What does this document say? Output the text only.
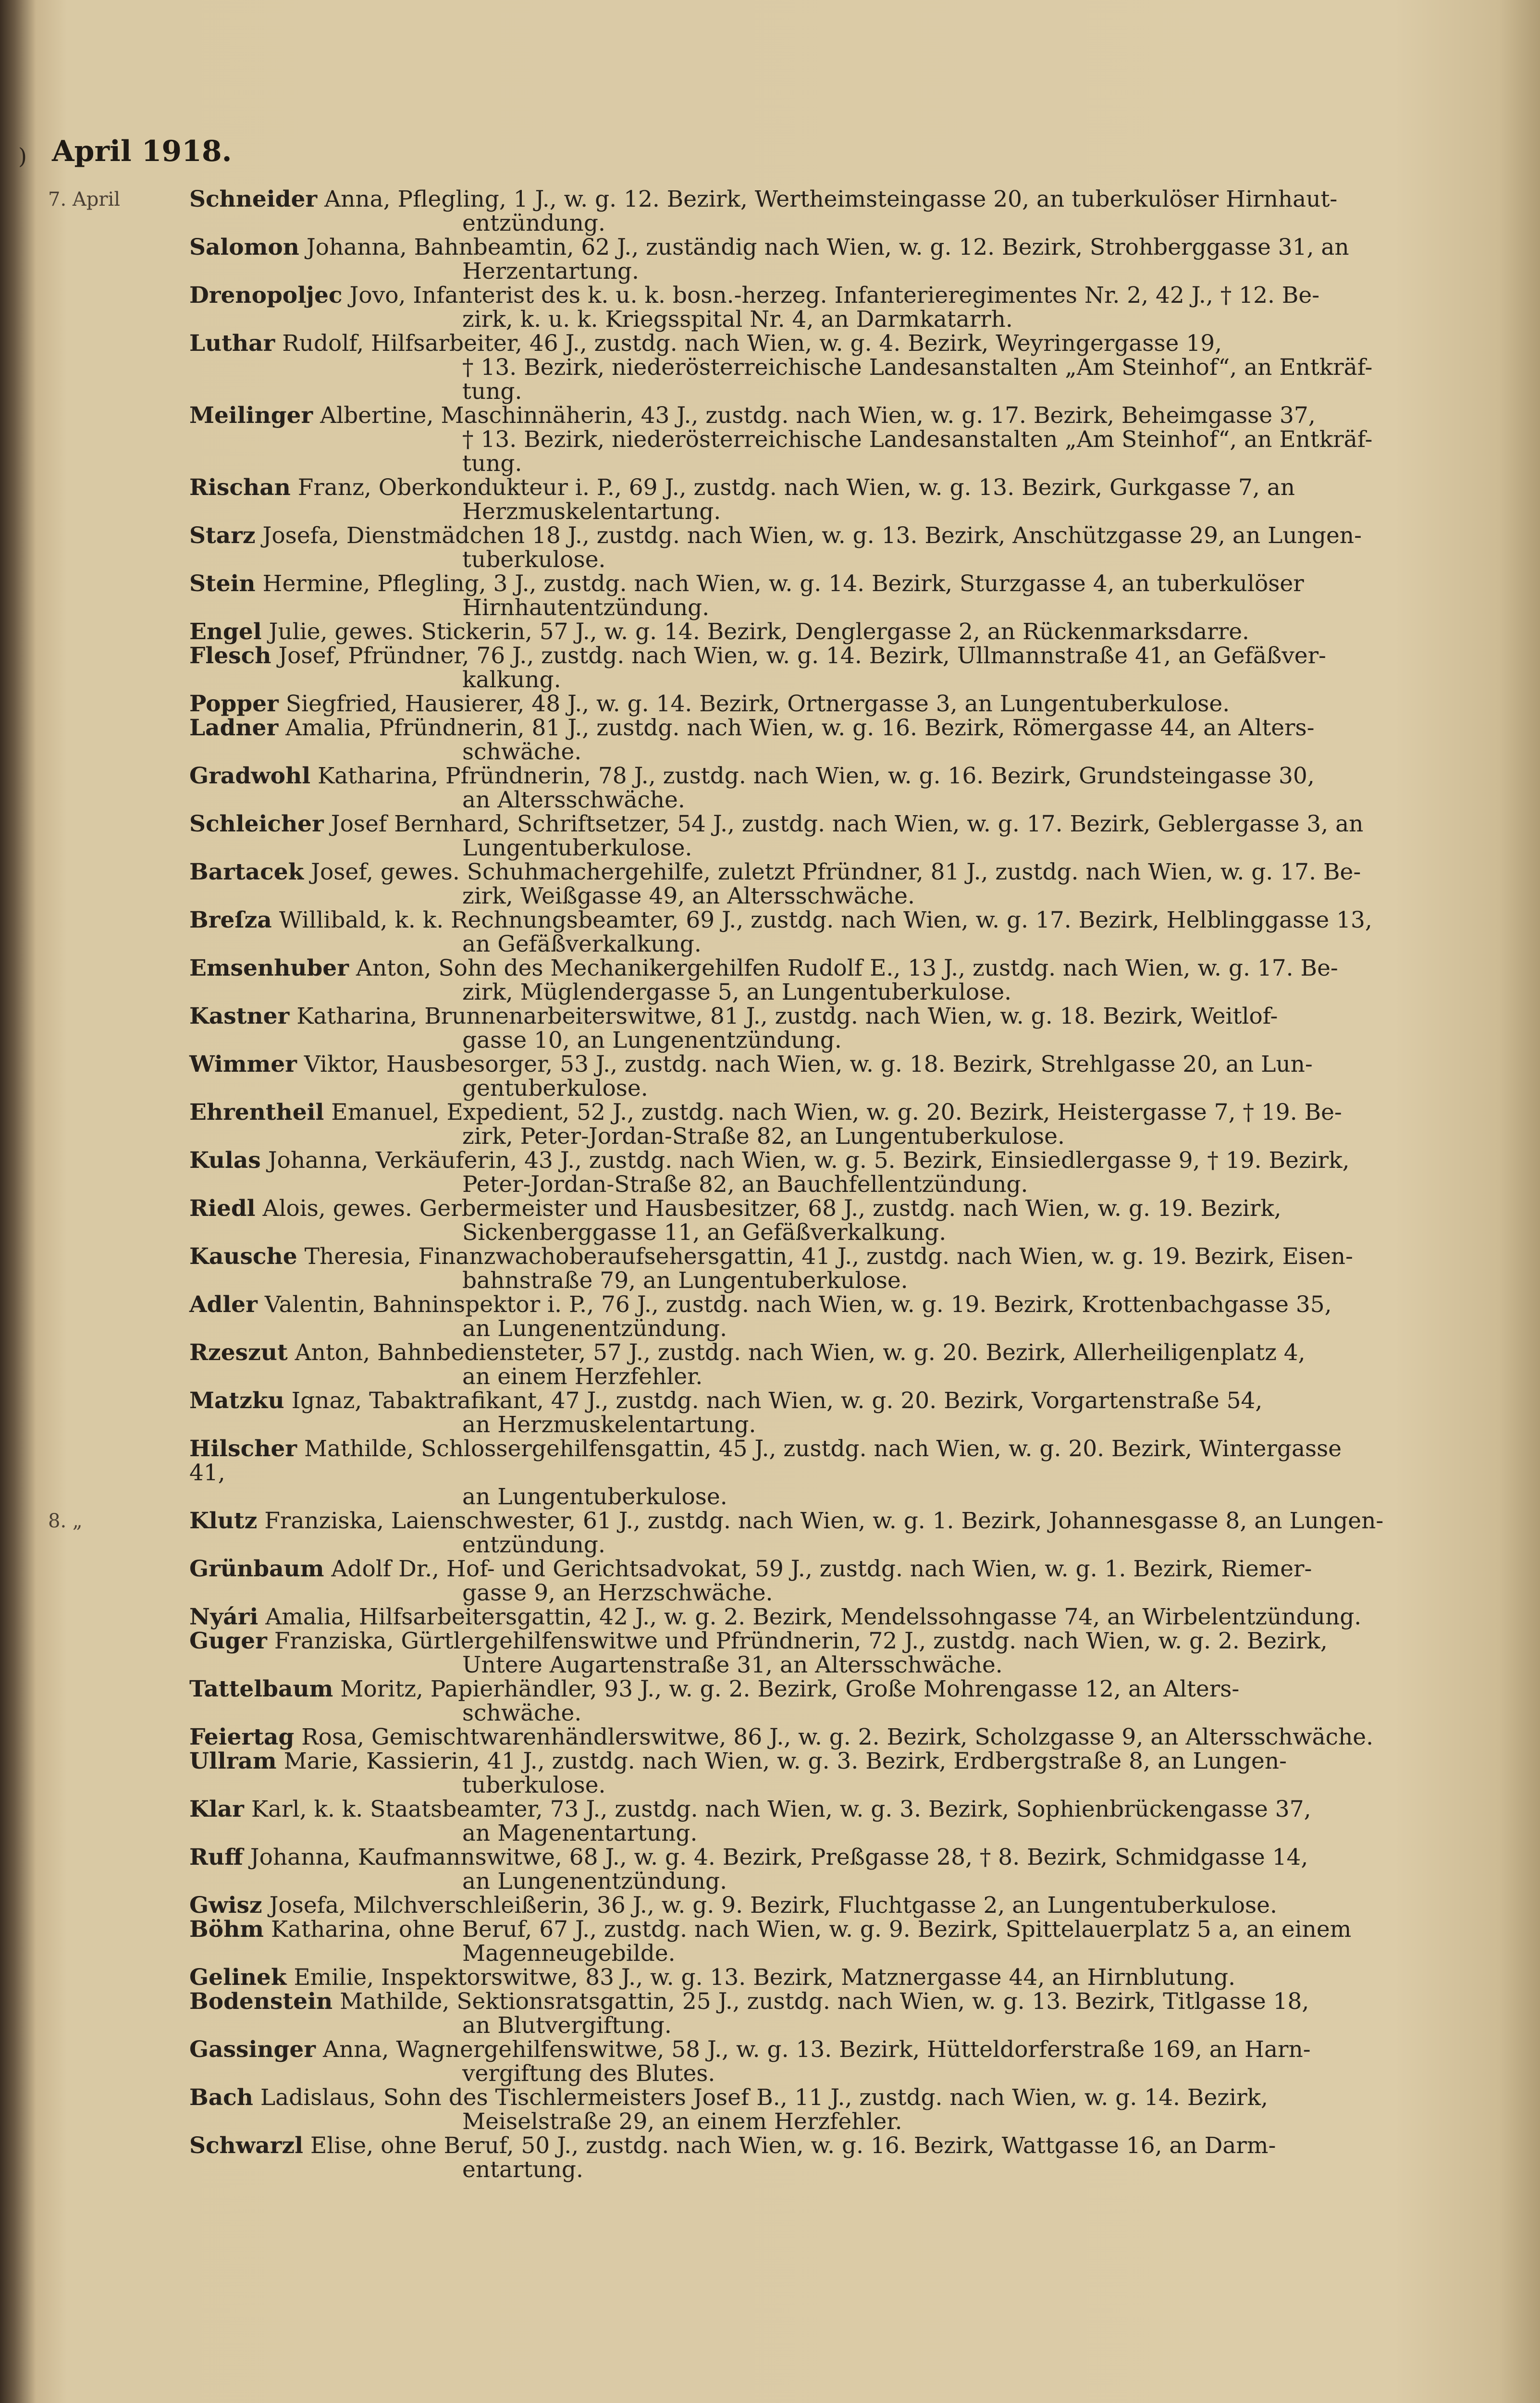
) April 1918.
7. April	Schneider Anna, Pflegling, 1 J., w. g. 12. Bezirk, Wertheimsteingasse 20, an tuberkulöser Hirnhaut-
entzündung.
Salomon Johanna, Bahnbeamtin, 62 J., zuständig nach Wien, w. g. 12. Bezirk, Strohberggasse 31, an
Herzentartung.
Drenopoljec Jovo, Infanterist des k. u. k. bosn.-herzeg. Infanterieregimentes Nr. 2, 42 J., † 12. Be-
zirk, k. u. k. Kriegsspital Nr. 4, an Darmkatarrh.
Luthar Rudolf, Hilfsarbeiter, 46 J., zustdg. nach Wien, w. g. 4. Bezirk, Weyringergasse 19,
† 13. Bezirk, niederösterreichische Landesanstalten „Am Steinhof“, an Entkräf-
tung.
Meilinger Albertine, Maschinnäherin, 43 J., zustdg. nach Wien, w. g. 17. Bezirk, Beheimgasse 37,
† 13. Bezirk, niederösterreichische Landesanstalten „Am Steinhof“, an Entkräf-
tung.
Rischan Franz, Oberkondukteur i. P., 69 J., zustdg. nach Wien, w. g. 13. Bezirk, Gurkgasse 7, an
Herzmuskelentartung.
Starz Josefa, Dienstmädchen 18 J., zustdg. nach Wien, w. g. 13. Bezirk, Anschützgasse 29, an Lungen-
tuberkulose.
Stein Hermine, Pflegling, 3 J., zustdg. nach Wien, w. g. 14. Bezirk, Sturzgasse 4, an tuberkulöser
Hirnhautentzündung.
Engel Julie, gewes. Stickerin, 57 J., w. g. 14. Bezirk, Denglergasse 2, an Rückenmarksdarre.
Flesch Josef, Pfründner, 76 J., zustdg. nach Wien, w. g. 14. Bezirk, Ullmannstraße 41, an Gefäßver-
kalkung.
Popper Siegfried, Hausierer, 48 J., w. g. 14. Bezirk, Ortnergasse 3, an Lungentuberkulose.
Ladner Amalia, Pfründnerin, 81 J., zustdg. nach Wien, w. g. 16. Bezirk, Römergasse 44, an Alters-
schwäche.
Gradwohl Katharina, Pfründnerin, 78 J., zustdg. nach Wien, w. g. 16. Bezirk, Grundsteingasse 30,
an Altersschwäche.
Schleicher Josef Bernhard, Schriftsetzer, 54 J., zustdg. nach Wien, w. g. 17. Bezirk, Geblergasse 3, an
Lungentuberkulose.
Bartacek Josef, gewes. Schuhmachergehilfe, zuletzt Pfründner, 81 J., zustdg. nach Wien, w. g. 17. Be-
zirk, Weißgasse 49, an Altersschwäche.
Breſza Willibald, k. k. Rechnungsbeamter, 69 J., zustdg. nach Wien, w. g. 17. Bezirk, Helblinggasse 13,
an Gefäßverkalkung.
Emsenhuber Anton, Sohn des Mechanikergehilfen Rudolf E., 13 J., zustdg. nach Wien, w. g. 17. Be-
zirk, Müglendergasse 5, an Lungentuberkulose.
Kastner Katharina, Brunnenarbeiterswitwe, 81 J., zustdg. nach Wien, w. g. 18. Bezirk, Weitlof-
gasse 10, an Lungenentzündung.
Wimmer Viktor, Hausbesorger, 53 J., zustdg. nach Wien, w. g. 18. Bezirk, Strehlgasse 20, an Lun-
gentuberkulose.
Ehrentheil Emanuel, Expedient, 52 J., zustdg. nach Wien, w. g. 20. Bezirk, Heistergasse 7, † 19. Be-
zirk, Peter-Jordan-Straße 82, an Lungentuberkulose.
Kulas Johanna, Verkäuferin, 43 J., zustdg. nach Wien, w. g. 5. Bezirk, Einsiedlergasse 9, † 19. Bezirk,
Peter-Jordan-Straße 82, an Bauchfellentzündung.
Riedl Alois, gewes. Gerbermeister und Hausbesitzer, 68 J., zustdg. nach Wien, w. g. 19. Bezirk,
Sickenberggasse 11, an Gefäßverkalkung.
Kausche Theresia, Finanzwachoberaufsehersgattin, 41 J., zustdg. nach Wien, w. g. 19. Bezirk, Eisen-
bahnstraße 79, an Lungentuberkulose.
Adler Valentin, Bahninspektor i. P., 76 J., zustdg. nach Wien, w. g. 19. Bezirk, Krottenbachgasse 35,
an Lungenentzündung.
Rzeszut Anton, Bahnbediensteter, 57 J., zustdg. nach Wien, w. g. 20. Bezirk, Allerheiligenplatz 4,
an einem Herzfehler.
Matzku Ignaz, Tabaktrafikant, 47 J., zustdg. nach Wien, w. g. 20. Bezirk, Vorgartenstraße 54,
an Herzmuskelentartung.
Hilscher Mathilde, Schlossergehilfensgattin, 45 J., zustdg. nach Wien, w. g. 20. Bezirk, Wintergasse 41,
an Lungentuberkulose.
8. „	Klutz Franziska, Laienschwester, 61 J., zustdg. nach Wien, w. g. 1. Bezirk, Johannesgasse 8, an Lungen-
entzündung.
Grünbaum Adolf Dr., Hof- und Gerichtsadvokat, 59 J., zustdg. nach Wien, w. g. 1. Bezirk, Riemer-
gasse 9, an Herzschwäche.
Nyári Amalia, Hilfsarbeitersgattin, 42 J., w. g. 2. Bezirk, Mendelssohngasse 74, an Wirbelentzündung.
Guger Franziska, Gürtlergehilfenswitwe und Pfründnerin, 72 J., zustdg. nach Wien, w. g. 2. Bezirk,
Untere Augartenstraße 31, an Altersschwäche.
Tattelbaum Moritz, Papierhändler, 93 J., w. g. 2. Bezirk, Große Mohrengasse 12, an Alters-
schwäche.
Feiertag Rosa, Gemischtwarenhändlerswitwe, 86 J., w. g. 2. Bezirk, Scholzgasse 9, an Altersschwäche.
Ullram Marie, Kassierin, 41 J., zustdg. nach Wien, w. g. 3. Bezirk, Erdbergstraße 8, an Lungen-
tuberkulose.
Klar Karl, k. k. Staatsbeamter, 73 J., zustdg. nach Wien, w. g. 3. Bezirk, Sophienbrückengasse 37,
an Magenentartung.
Ruff Johanna, Kaufmannswitwe, 68 J., w. g. 4. Bezirk, Preßgasse 28, † 8. Bezirk, Schmidgasse 14,
an Lungenentzündung.
Gwisz Josefa, Milchverschleißerin, 36 J., w. g. 9. Bezirk, Fluchtgasse 2, an Lungentuberkulose.
Böhm Katharina, ohne Beruf, 67 J., zustdg. nach Wien, w. g. 9. Bezirk, Spittelauerplatz 5 a, an einem
Magenneugebilde.
Gelinek Emilie, Inspektorswitwe, 83 J., w. g. 13. Bezirk, Matznergasse 44, an Hirnblutung.
Bodenstein Mathilde, Sektionsratsgattin, 25 J., zustdg. nach Wien, w. g. 13. Bezirk, Titlgasse 18,
an Blutvergiftung.
Gassinger Anna, Wagnergehilfenswitwe, 58 J., w. g. 13. Bezirk, Hütteldorferstraße 169, an Harn-
vergiftung des Blutes.
Bach Ladislaus, Sohn des Tischlermeisters Josef B., 11 J., zustdg. nach Wien, w. g. 14. Bezirk,
Meiselstraße 29, an einem Herzfehler.
Schwarzl Elise, ohne Beruf, 50 J., zustdg. nach Wien, w. g. 16. Bezirk, Wattgasse 16, an Darm-
entartung.
